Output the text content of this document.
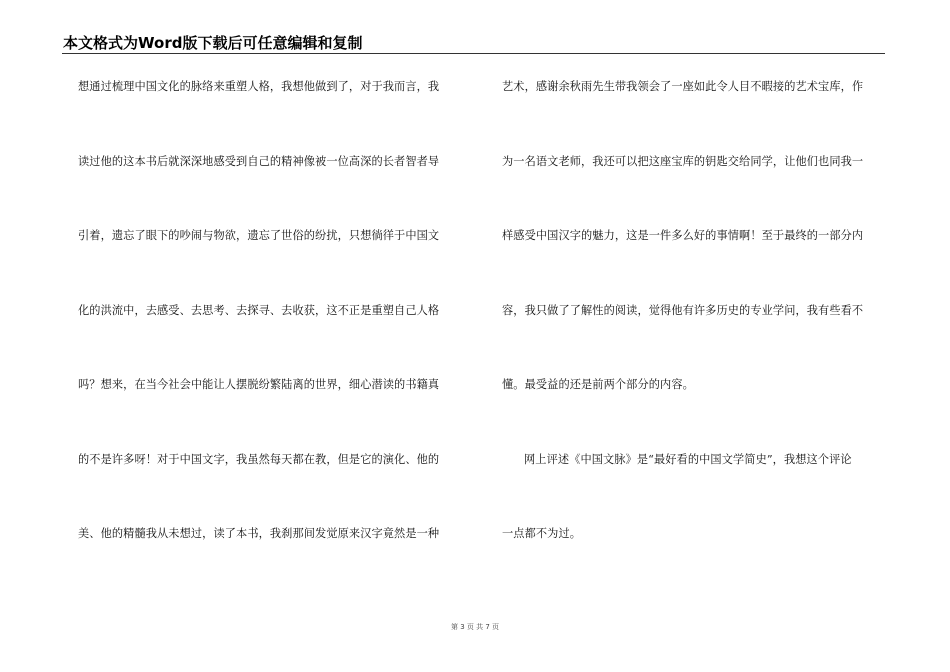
本文格式为Word版下载后可任意编辑和复制
想通过梳理中国文化的脉络来重塑人格，我想他做到了，对于我而言，我
读过他的这本书后就深深地感受到自己的精神像被一位高深的长者智者导
引着，遗忘了眼下的吵闹与物欲，遗忘了世俗的纷扰，只想徜徉于中国文
化的洪流中，去感受、去思考、去探寻、去收获，这不正是重塑自己人格
吗？想来，在当今社会中能让人摆脱纷繁陆离的世界，细心潜读的书籍真
的不是许多呀！对于中国文字，我虽然每天都在教，但是它的演化、他的
美、他的精髓我从未想过，读了本书，我刹那间发觉原来汉字竟然是一种
艺术，感谢余秋雨先生带我领会了一座如此令人目不暇接的艺术宝库，作
为一名语文老师，我还可以把这座宝库的钥匙交给同学，让他们也同我一
样感受中国汉字的魅力，这是一件多么好的事情啊！至于最终的一部分内
容，我只做了了解性的阅读，觉得他有许多历史的专业学问，我有些看不
懂。最受益的还是前两个部分的内容。
网上评述《中国文脉》是“最好看的中国文学简史”，我想这个评论
一点都不为过。
第 3 页 共 7 页
